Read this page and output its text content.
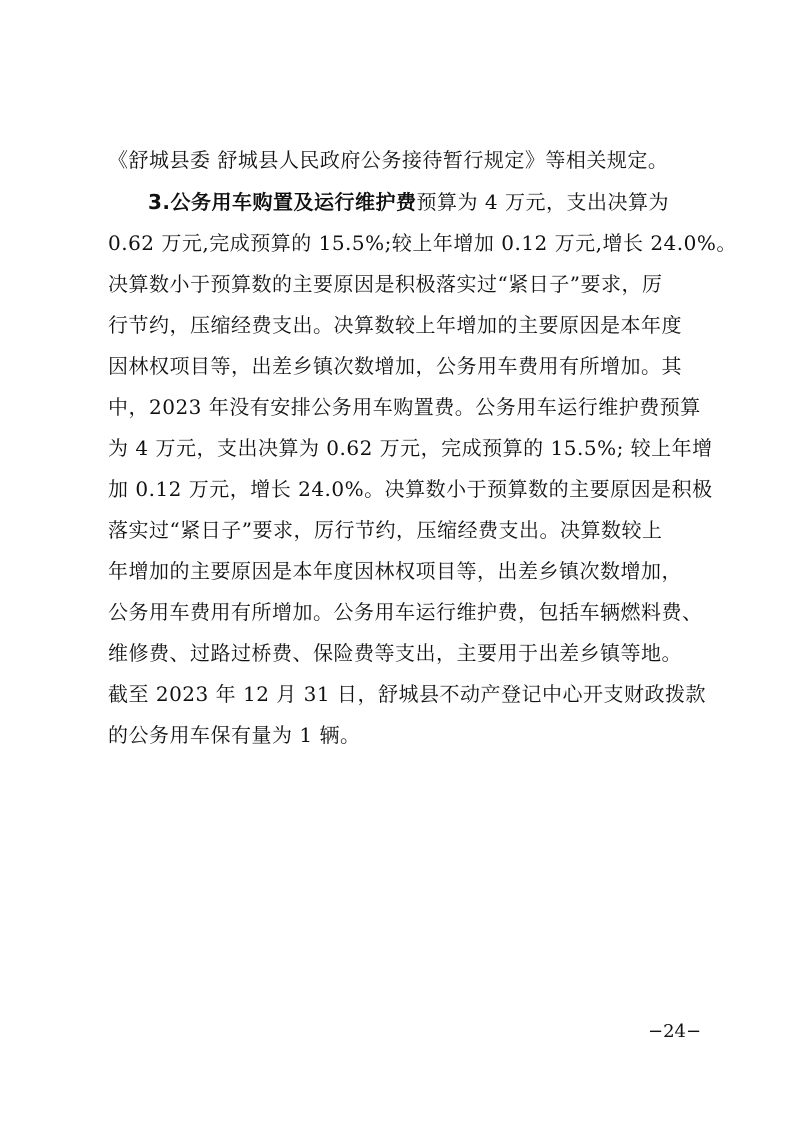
《舒城县委 舒城县人民政府公务接待暂行规定》等相关规定。
3.公务用车购置及运行维护费预算为 4 万元，支出决算为
0.62 万元,完成预算的 15.5%;较上年增加 0.12 万元,增长 24.0%。
决算数小于预算数的主要原因是积极落实过“紧日子”要求，厉
行节约，压缩经费支出。决算数较上年增加的主要原因是本年度
因林权项目等，出差乡镇次数增加，公务用车费用有所增加。其
中，2023 年没有安排公务用车购置费。公务用车运行维护费预算
为 4 万元，支出决算为 0.62 万元，完成预算的 15.5%; 较上年增
加 0.12 万元，增长 24.0%。决算数小于预算数的主要原因是积极
落实过“紧日子”要求，厉行节约，压缩经费支出。决算数较上
年增加的主要原因是本年度因林权项目等，出差乡镇次数增加，
公务用车费用有所增加。公务用车运行维护费，包括车辆燃料费、
维修费、过路过桥费、保险费等支出，主要用于出差乡镇等地。
截至 2023 年 12 月 31 日，舒城县不动产登记中心开支财政拨款
的公务用车保有量为 1 辆。
−24−
